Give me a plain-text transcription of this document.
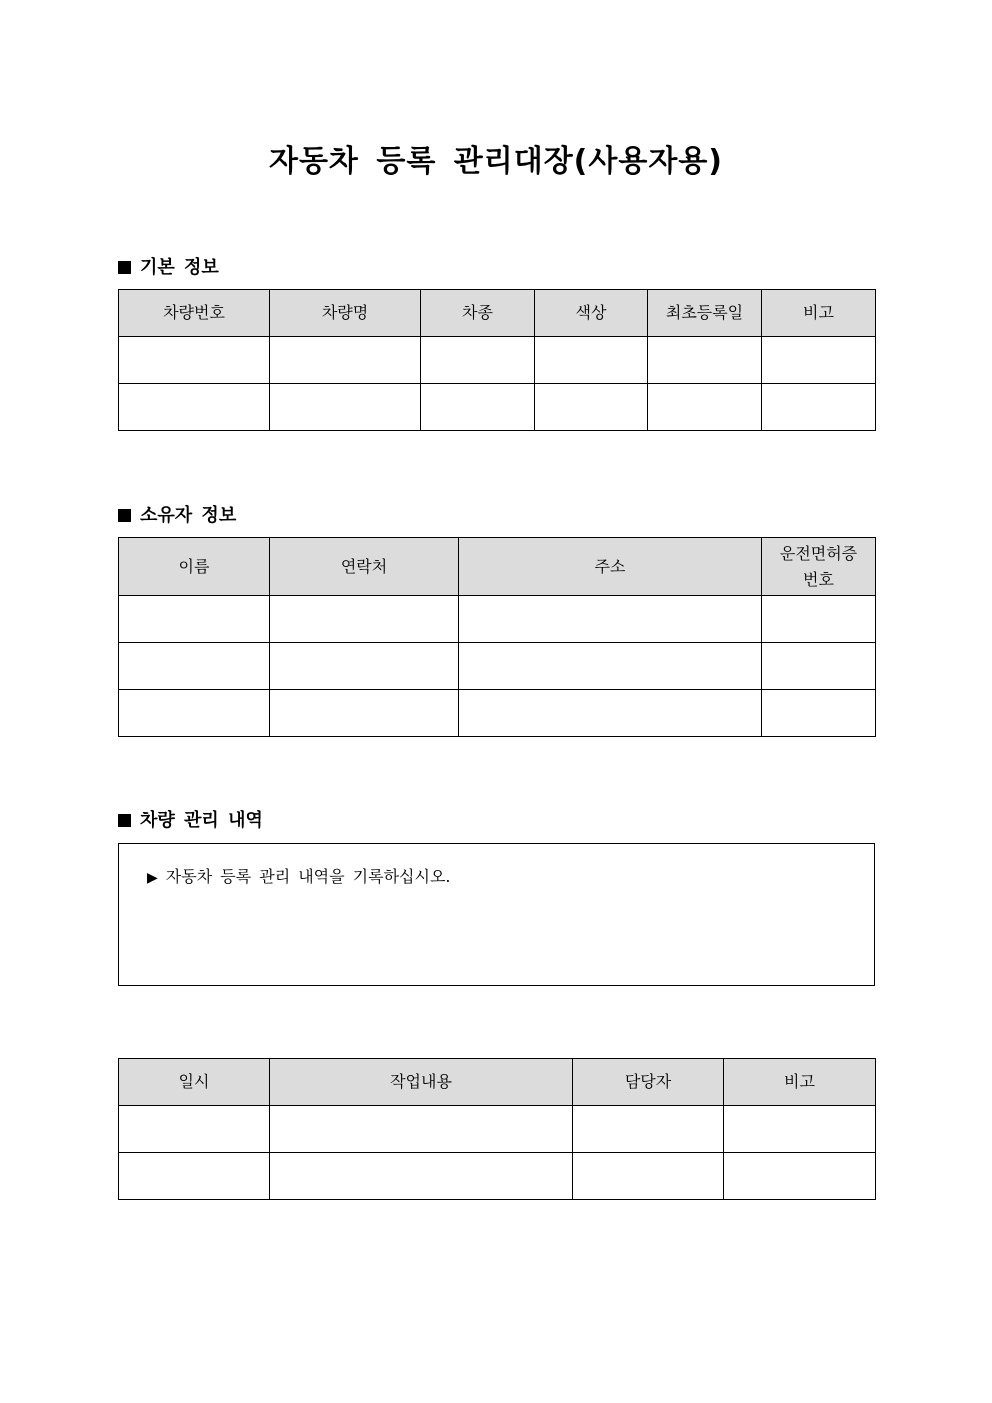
자동차 등록 관리대장(사용자용)
기본 정보
차량번호	차량명	차종	색상	최초등록일	비고

소유자 정보
이름	연락처	주소	운전면허증 번호

차량 관리 내역
▶ 자동차 등록 관리 내역을 기록하십시오.
일시	작업내용	담당자	비고
